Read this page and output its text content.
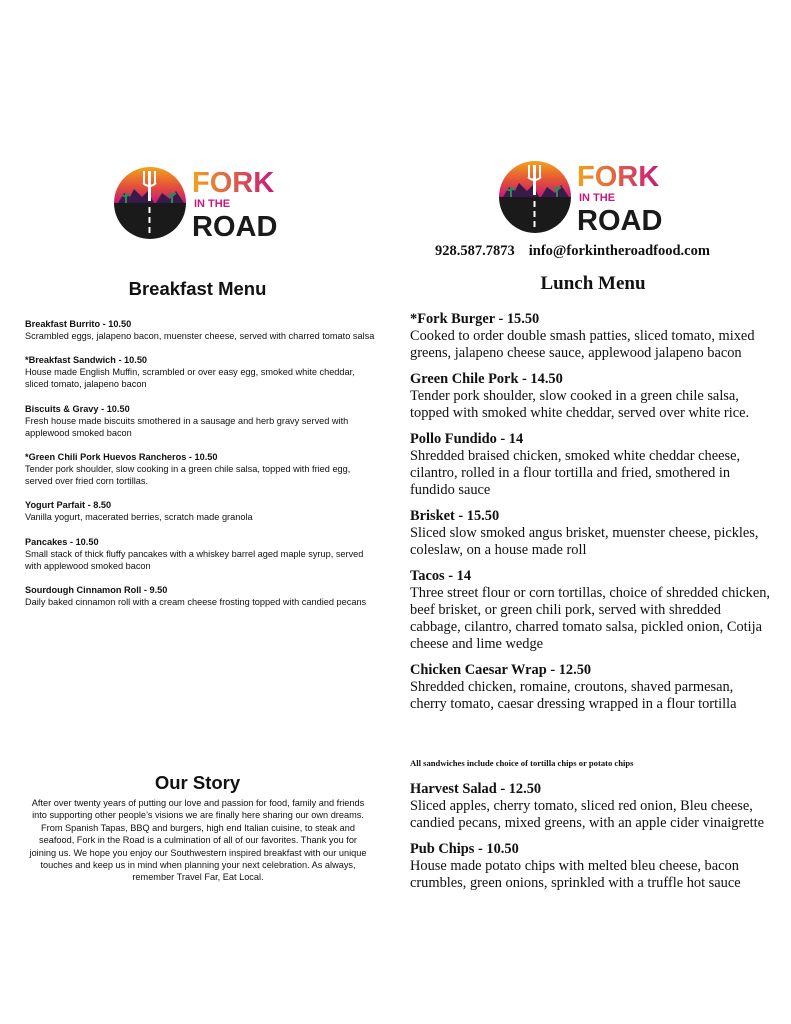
FORK
IN THE
ROAD
Breakfast Menu
Breakfast Burrito - 10.50
Scrambled eggs, jalapeno bacon, muenster cheese, served with charred tomato salsa
*Breakfast Sandwich - 10.50
House made English Muffin, scrambled or over easy egg, smoked white cheddar, sliced tomato, jalapeno bacon
Biscuits & Gravy - 10.50
Fresh house made biscuits smothered in a sausage and herb gravy served with applewood smoked bacon
*Green Chili Pork Huevos Rancheros - 10.50
Tender pork shoulder, slow cooking in a green chile salsa, topped with fried egg, served over fried corn tortillas.
Yogurt Parfait - 8.50
Vanilla yogurt, macerated berries, scratch made granola
Pancakes - 10.50
Small stack of thick fluffy pancakes with a whiskey barrel aged maple syrup, served with applewood smoked bacon
Sourdough Cinnamon Roll - 9.50
Daily baked cinnamon roll with a cream cheese frosting topped with candied pecans
Our Story
After over twenty years of putting our love and passion for food, family and friends into supporting other people’s visions we are finally here sharing our own dreams. From Spanish Tapas, BBQ and burgers, high end Italian cuisine, to steak and seafood, Fork in the Road is a culmination of all of our favorites. Thank you for joining us. We hope you enjoy our Southwestern inspired breakfast with our unique touches and keep us in mind when planning your next celebration. As always, remember Travel Far, Eat Local.
FORK
IN THE
ROAD
928.587.7873 info@forkintheroadfood.com
Lunch Menu
*Fork Burger - 15.50
Cooked to order double smash patties, sliced tomato, mixed greens, jalapeno cheese sauce, applewood jalapeno bacon
Green Chile Pork - 14.50
Tender pork shoulder, slow cooked in a green chile salsa, topped with smoked white cheddar, served over white rice.
Pollo Fundido - 14
Shredded braised chicken, smoked white cheddar cheese, cilantro, rolled in a flour tortilla and fried, smothered in fundido sauce
Brisket - 15.50
Sliced slow smoked angus brisket, muenster cheese, pickles, coleslaw, on a house made roll
Tacos - 14
Three street flour or corn tortillas, choice of shredded chicken, beef brisket, or green chili pork, served with shredded cabbage, cilantro, charred tomato salsa, pickled onion, Cotija cheese and lime wedge
Chicken Caesar Wrap - 12.50
Shredded chicken, romaine, croutons, shaved parmesan, cherry tomato, caesar dressing wrapped in a flour tortilla
All sandwiches include choice of tortilla chips or potato chips
Harvest Salad - 12.50
Sliced apples, cherry tomato, sliced red onion, Bleu cheese, candied pecans, mixed greens, with an apple cider vinaigrette
Pub Chips - 10.50
House made potato chips with melted bleu cheese, bacon crumbles, green onions, sprinkled with a truffle hot sauce
